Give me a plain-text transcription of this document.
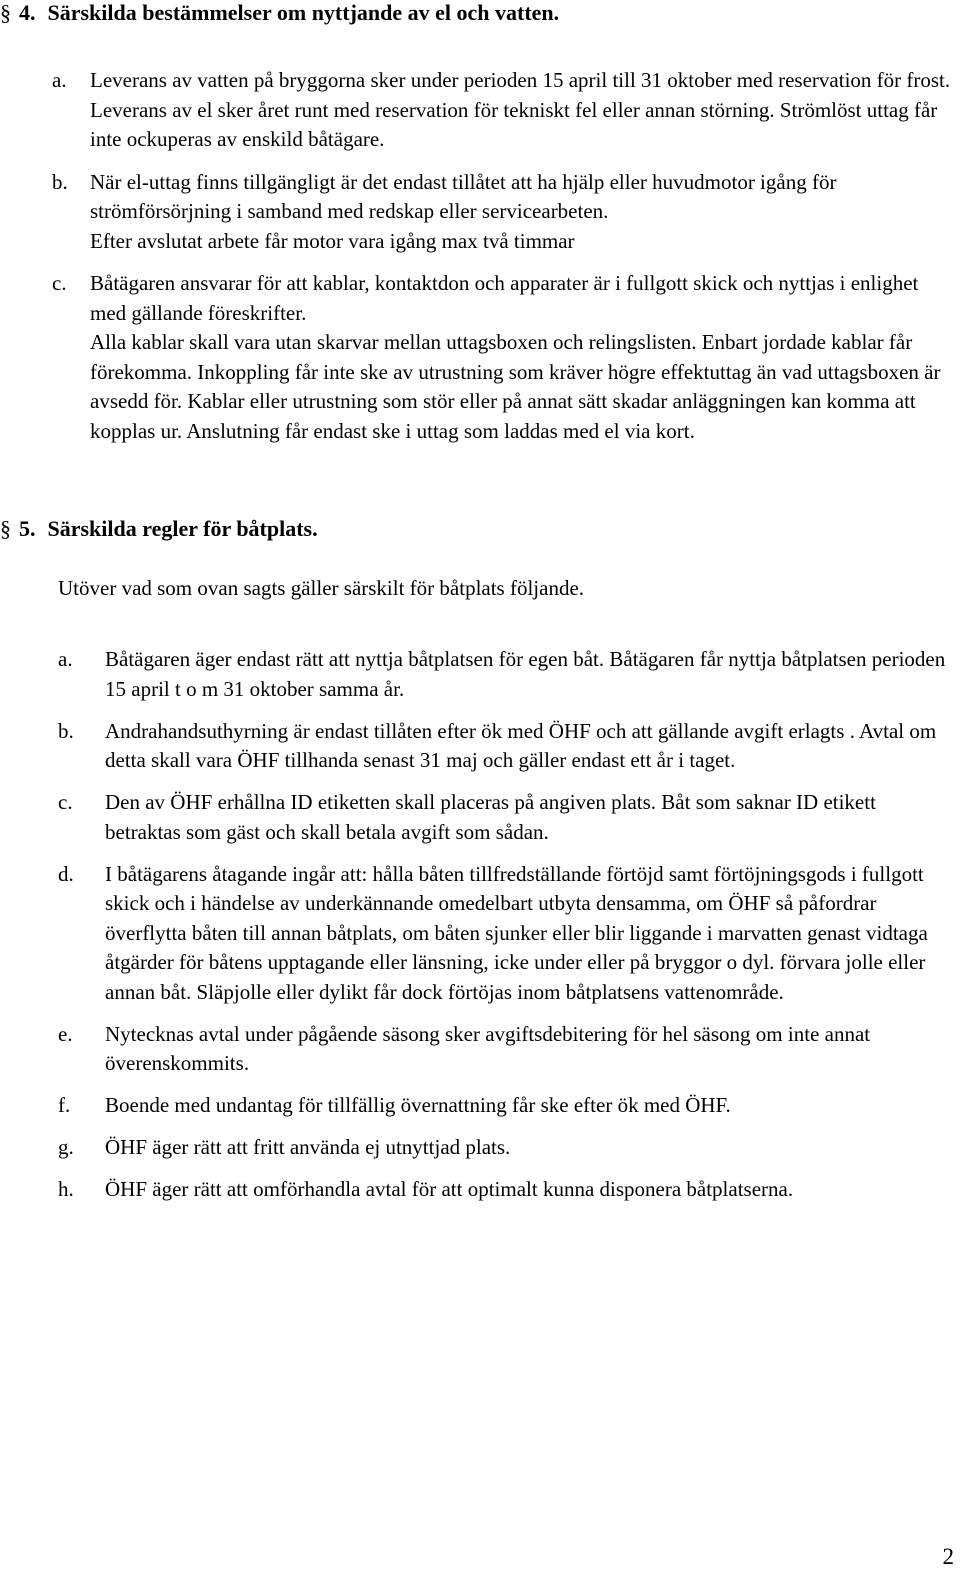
§ 4. Särskilda bestämmelser om nyttjande av el och vatten.
a.	Leverans av vatten på bryggorna sker under perioden 15 april till 31 oktober med reservation för frost. Leverans av el sker året runt med reservation för tekniskt fel eller annan störning. Strömlöst uttag får inte ockuperas av enskild båtägare.

b.	När el-uttag finns tillgängligt är det endast tillåtet att ha hjälp eller huvudmotor igång för strömförsörjning i samband med redskap eller servicearbeten.

Efter avslutat arbete får motor vara igång max två timmar

c.	Båtägaren ansvarar för att kablar, kontaktdon och apparater är i fullgott skick och nyttjas i enlighet med gällande föreskrifter.

Alla kablar skall vara utan skarvar mellan uttagsboxen och relingslisten. Enbart jordade kablar får förekomma. Inkoppling får inte ske av utrustning som kräver högre effektuttag än vad uttagsboxen är avsedd för. Kablar eller utrustning som stör eller på annat sätt skadar anläggningen kan komma att kopplas ur. Anslutning får endast ske i uttag som laddas med el via kort.

§ 5. Särskilda regler för båtplats.
Utöver vad som ovan sagts gäller särskilt för båtplats följande.
a.	Båtägaren äger endast rätt att nyttja båtplatsen för egen båt. Båtägaren får nyttja båtplatsen perioden 15 april t o m 31 oktober samma år.
b.	Andrahandsuthyrning är endast tillåten efter ök med ÖHF och att gällande avgift erlagts . Avtal om detta skall vara ÖHF tillhanda senast 31 maj och gäller endast ett år i taget.
c.	Den av ÖHF erhållna ID etiketten skall placeras på angiven plats. Båt som saknar ID etikett betraktas som gäst och skall betala avgift som sådan.
d.	I båtägarens åtagande ingår att: hålla båten tillfredställande förtöjd samt förtöjningsgods i fullgott skick och i händelse av underkännande omedelbart utbyta densamma, om ÖHF så påfordrar överflytta båten till annan båtplats, om båten sjunker eller blir liggande i marvatten genast vidtaga åtgärder för båtens upptagande eller länsning, icke under eller på bryggor o dyl. förvara jolle eller annan båt. Släpjolle eller dylikt får dock förtöjas inom båtplatsens vattenområde.
e.	Nytecknas avtal under pågående säsong sker avgiftsdebitering för hel säsong om inte annat överenskommits.
f.	Boende med undantag för tillfällig övernattning får ske efter ök med ÖHF.
g.	ÖHF äger rätt att fritt använda ej utnyttjad plats.
h.	ÖHF äger rätt att omförhandla avtal för att optimalt kunna disponera båtplatserna.
2
